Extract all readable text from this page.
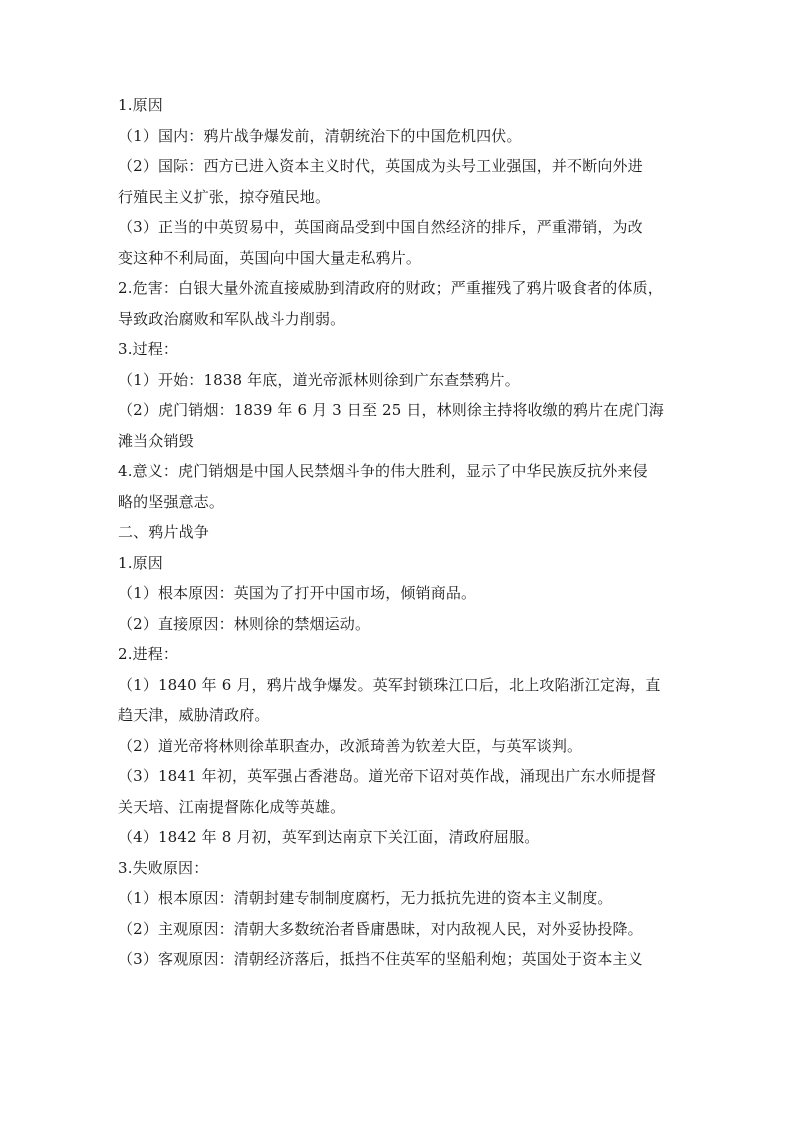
1.原因
（1）国内：鸦片战争爆发前，清朝统治下的中国危机四伏。
（2）国际：西方已进入资本主义时代，英国成为头号工业强国，并不断向外进
行殖民主义扩张，掠夺殖民地。
（3）正当的中英贸易中，英国商品受到中国自然经济的排斥，严重滞销，为改
变这种不利局面，英国向中国大量走私鸦片。
2.危害：白银大量外流直接威胁到清政府的财政；严重摧残了鸦片吸食者的体质，
导致政治腐败和军队战斗力削弱。
3.过程：
（1）开始：1838 年底，道光帝派林则徐到广东查禁鸦片。
（2）虎门销烟：1839 年 6 月 3 日至 25 日，林则徐主持将收缴的鸦片在虎门海
滩当众销毁
4.意义：虎门销烟是中国人民禁烟斗争的伟大胜利，显示了中华民族反抗外来侵
略的坚强意志。
二、鸦片战争
1.原因
（1）根本原因：英国为了打开中国市场，倾销商品。
（2）直接原因：林则徐的禁烟运动。
2.进程：
（1）1840 年 6 月，鸦片战争爆发。英军封锁珠江口后，北上攻陷浙江定海，直
趋天津，威胁清政府。
（2）道光帝将林则徐革职查办，改派琦善为钦差大臣，与英军谈判。
（3）1841 年初，英军强占香港岛。道光帝下诏对英作战，涌现出广东水师提督
关天培、江南提督陈化成等英雄。
（4）1842 年 8 月初，英军到达南京下关江面，清政府屈服。
3.失败原因：
（1）根本原因：清朝封建专制制度腐朽，无力抵抗先进的资本主义制度。
（2）主观原因：清朝大多数统治者昏庸愚昧，对内敌视人民，对外妥协投降。
（3）客观原因：清朝经济落后，抵挡不住英军的坚船利炮；英国处于资本主义
